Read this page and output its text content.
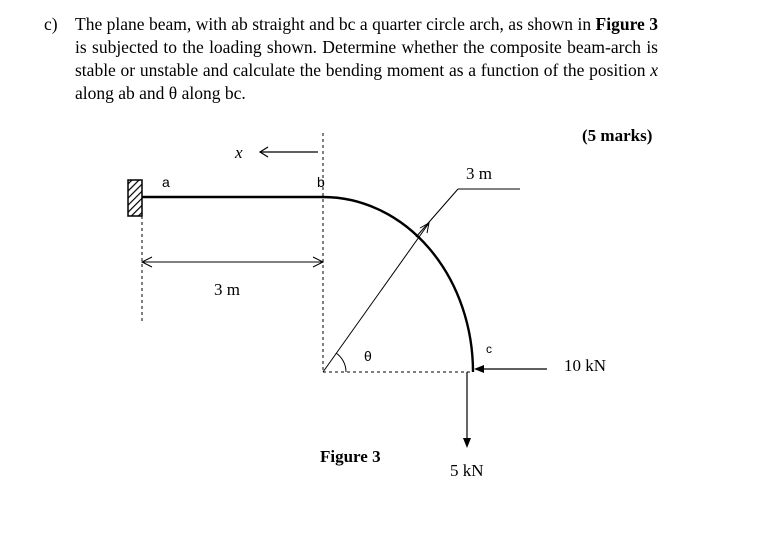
c) The plane beam, with ab straight and bc a quarter circle arch, as shown in Figure 3 is subjected to the loading shown. Determine whether the composite beam-arch is stable or unstable and calculate the bending moment as a function of the position x along ab and θ along bc.
(5 marks)
x
a	b
c
3 m
3 m
θ	10 kN
5 kN
Figure 3
